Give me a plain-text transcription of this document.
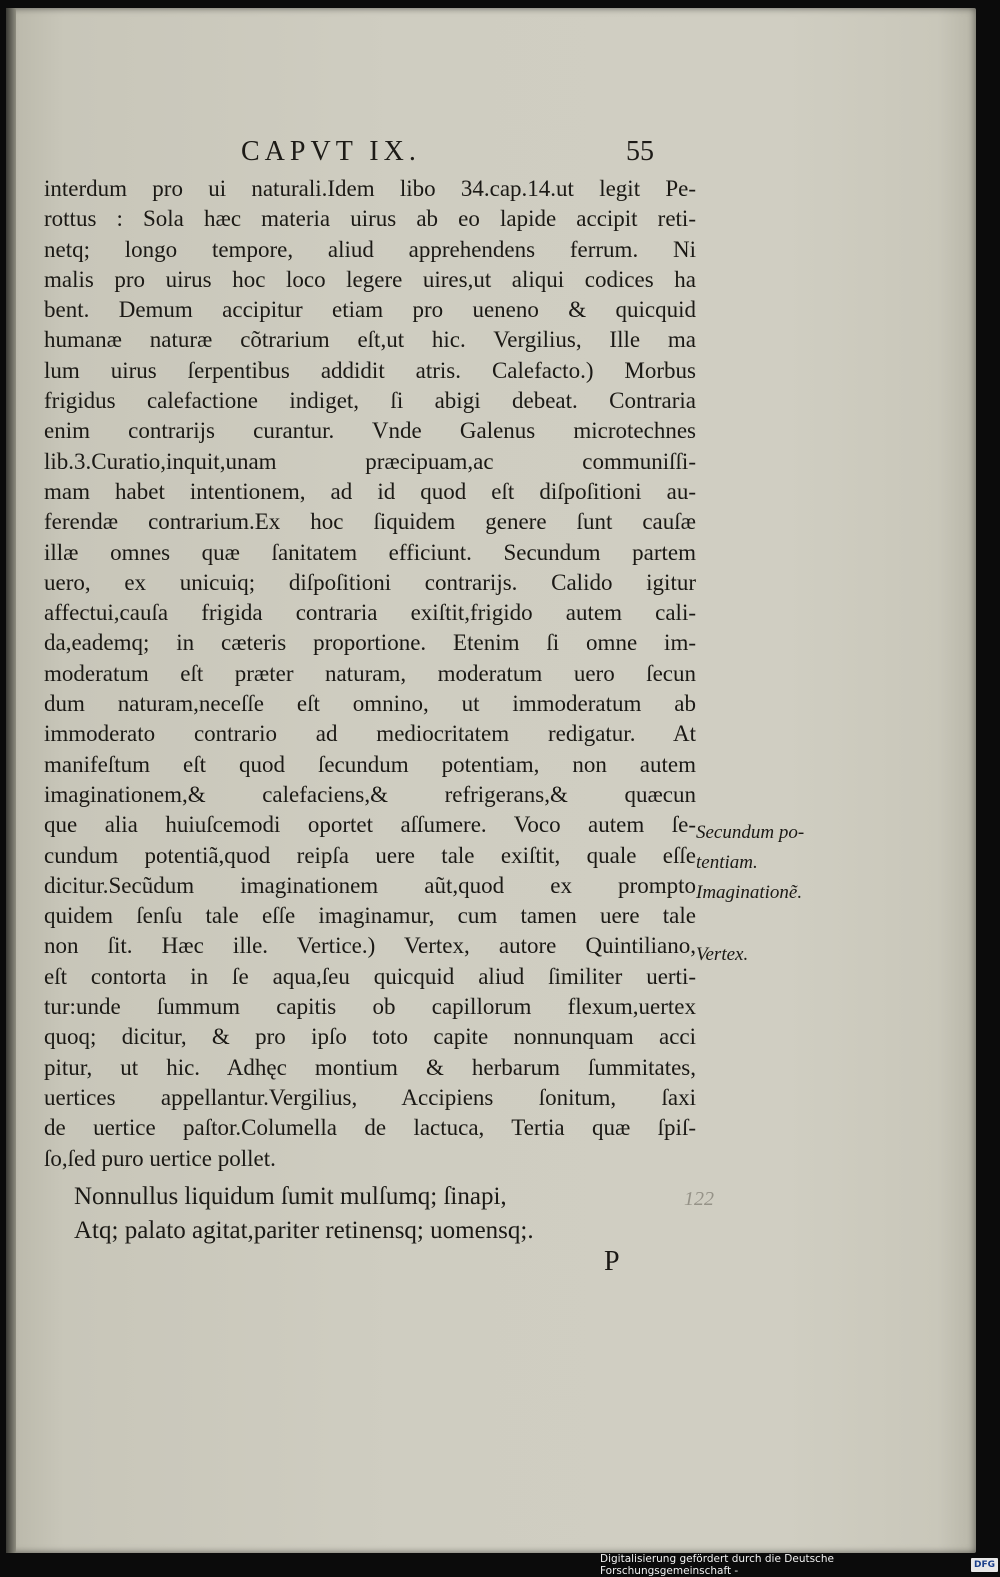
CAPVT IX.	55
interdum pro ui naturali.Idem libo 34.cap.14.ut legit Pe-
rottus : Sola hæc materia uirus ab eo lapide accipit reti-
netq; longo tempore, aliud apprehendens ferrum. Ni
malis pro uirus hoc loco legere uires,ut aliqui codices ha
bent. Demum accipitur etiam pro ueneno & quicquid
humanæ naturæ cõtrarium eſt,ut hic. Vergilius, Ille ma
lum uirus ſerpentibus addidit atris. Calefacto.) Morbus
frigidus calefactione indiget, ſi abigi debeat. Contraria
enim contrarijs curantur. Vnde Galenus microtechnes
lib.3.Curatio,inquit,unam præcipuam,ac communiſſi-
mam habet intentionem, ad id quod eſt diſpoſitioni au-
ferendæ contrarium.Ex hoc ſiquidem genere ſunt cauſæ
illæ omnes quæ ſanitatem efficiunt. Secundum partem
uero, ex unicuiq; diſpoſitioni contrarijs. Calido igitur
affectui,cauſa frigida contraria exiſtit,frigido autem cali-
da,eademq; in cæteris proportione. Etenim ſi omne im-
moderatum eſt præter naturam, moderatum uero ſecun
dum naturam,neceſſe eſt omnino, ut immoderatum ab
immoderato contrario ad mediocritatem redigatur. At
manifeſtum eſt quod ſecundum potentiam, non autem
imaginationem,& calefaciens,& refrigerans,& quæcun
que alia huiuſcemodi oportet aſſumere. Voco autem ſe-
cundum potentiã,quod reipſa uere tale exiſtit, quale eſſe
dicitur.Secũdum imaginationem aũt,quod ex prompto
quidem ſenſu tale eſſe imaginamur, cum tamen uere tale
non ſit. Hæc ille. Vertice.) Vertex, autore Quintiliano,
eſt contorta in ſe aqua,ſeu quicquid aliud ſimiliter uerti-
tur:unde ſummum capitis ob capillorum flexum,uertex
quoq; dicitur, & pro ipſo toto capite nonnunquam acci
pitur, ut hic. Adhęc montium & herbarum ſummitates,
uertices appellantur.Vergilius, Accipiens ſonitum, ſaxi
de uertice paſtor.Columella de lactuca, Tertia quæ ſpiſ-
ſo,ſed puro uertice pollet.
Nonnullus liquidum ſumit mulſumq; ſinapi,
Atq; palato agitat,pariter retinensq; uomensq;.
P
Secundum po-
tentiam.
Imaginationẽ.
Vertex.
122
Digitalisierung gefördert durch die Deutsche Forschungsgemeinschaft -	DFG
